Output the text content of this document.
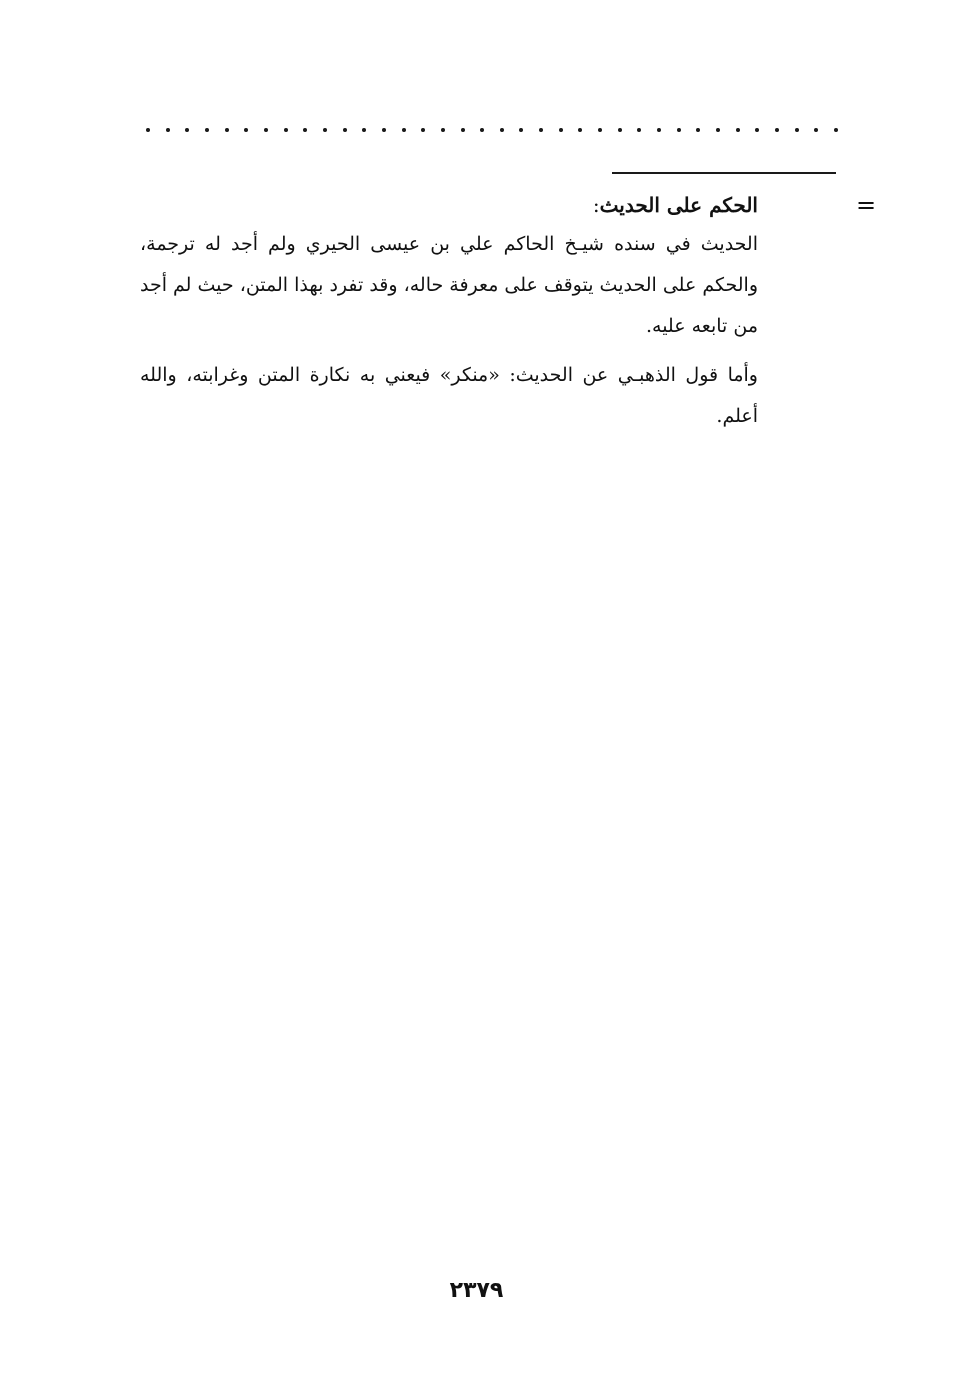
=

الحكم على الحديث:

الحديث في سنده شيـخ الحاكم علي بن عيسى الحيري ولم أجد له ترجمة، والحكم على الحديث يتوقف على معرفة حاله، وقد تفرد بهذا المتن، حيث لم أجد من تابعه عليه.

وأما قول الذهبـي عن الحديث: «منكر» فيعني به نكارة المتن وغرابته، والله أعلم.

٢٣٧٩
